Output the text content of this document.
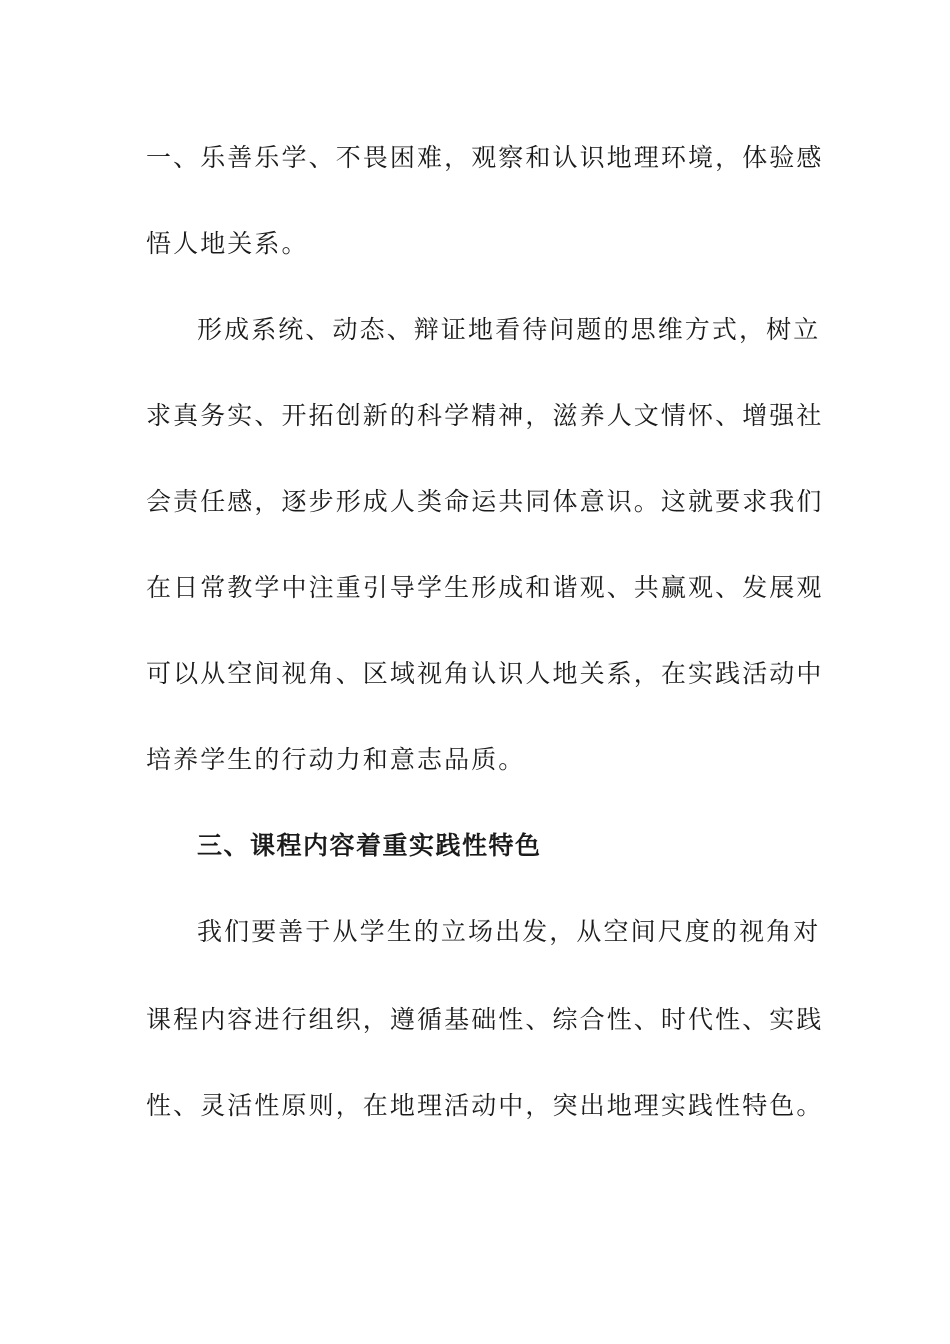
一、乐善乐学、不畏困难，观察和认识地理环境，体验感
悟人地关系。
形成系统、动态、辩证地看待问题的思维方式，树立
求真务实、开拓创新的科学精神，滋养人文情怀、增强社
会责任感，逐步形成人类命运共同体意识。这就要求我们
在日常教学中注重引导学生形成和谐观、共赢观、发展观
可以从空间视角、区域视角认识人地关系，在实践活动中
培养学生的行动力和意志品质。
三、课程内容着重实践性特色
我们要善于从学生的立场出发，从空间尺度的视角对
课程内容进行组织，遵循基础性、综合性、时代性、实践
性、灵活性原则，在地理活动中，突出地理实践性特色。
